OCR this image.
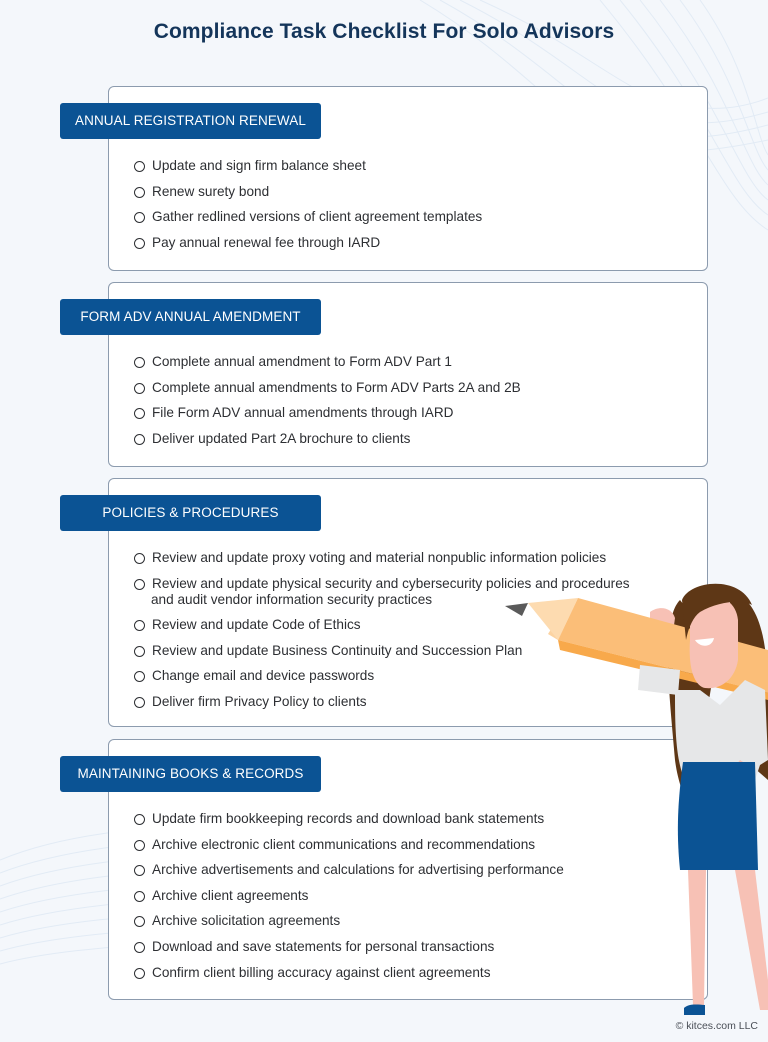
Compliance Task Checklist For Solo Advisors
ANNUAL REGISTRATION RENEWAL
Update and sign firm balance sheet
Renew surety bond
Gather redlined versions of client agreement templates
Pay annual renewal fee through IARD
FORM ADV ANNUAL AMENDMENT
Complete annual amendment to Form ADV Part 1
Complete annual amendments to Form ADV Parts 2A and 2B
File Form ADV annual amendments through IARD
Deliver updated Part 2A brochure to clients
POLICIES & PROCEDURES
Review and update proxy voting and material nonpublic information policies
Review and update physical security and cybersecurity policies and procedures
and audit vendor information security practices
Review and update Code of Ethics
Review and update Business Continuity and Succession Plan
Change email and device passwords
Deliver firm Privacy Policy to clients
MAINTAINING BOOKS & RECORDS
Update firm bookkeeping records and download bank statements
Archive electronic client communications and recommendations
Archive advertisements and calculations for advertising performance
Archive client agreements
Archive solicitation agreements
Download and save statements for personal transactions
Confirm client billing accuracy against client agreements
© kitces.com LLC
